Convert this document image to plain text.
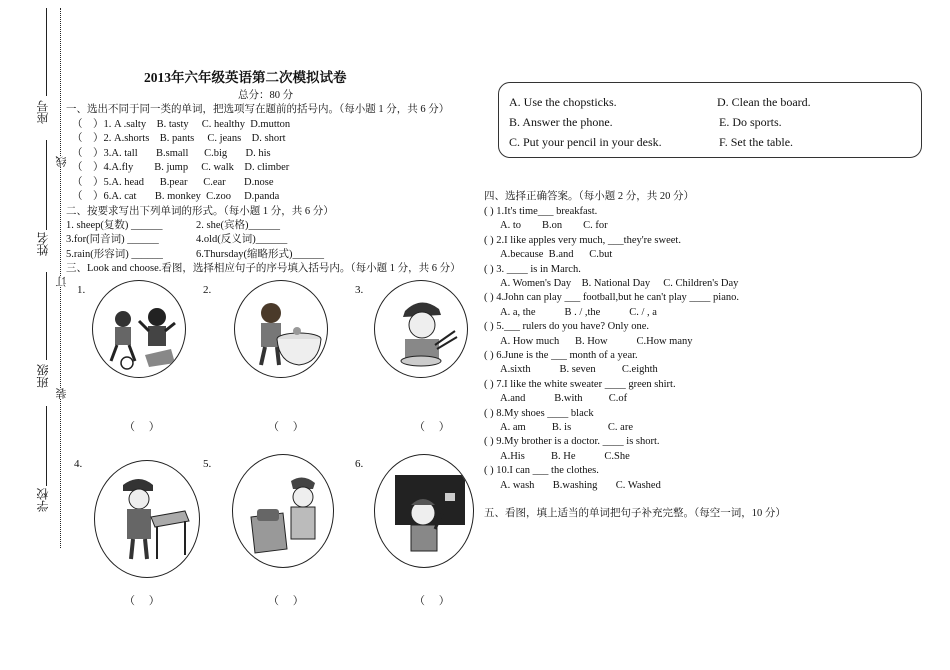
座号
姓名
班级
学校
线
订
装
2013年六年级英语第二次模拟试卷
总分：80 分
一、选出不同于同一类的单词，把选项写在题前的括号内。（每小题 1 分，共 6 分）
（    ）1. A .salty    B. tasty     C. healthy  D.mutton
（    ）2. A.shorts    B. pants     C. jeans    D. short
（    ）3.A. tall       B.small      C.big       D. his
（    ）4.A.fly        B. jump     C. walk    D. climber
（    ）5.A. head      B.pear      C.ear       D.nose
（    ）6.A. cat       B. monkey  C.zoo     D.panda
二、按要求写出下列单词的形式。（每小题 1 分，共 6 分）
1. sheep(复数) ______	2. she(宾格)______
3.for(同音词) ______	4.old(反义词)______
5.rain(形容词) ______	6.Thursday(缩略形式)______
三、Look and choose.看图，选择相应句子的序号填入括号内。（每小题 1 分，共 6 分）
1.	2.	3.
4.	5.	6.
（     ）	（     ）	（     ）
（     ）	（     ）	（     ）
A. Use the chopsticks.	D. Clean the board.
B. Answer the phone.	E. Do sports.
C. Put your pencil in your desk.	F. Set the table.
四、选择正确答案。（每小题 2 分，共 20 分）
( ) 1.It's time___ breakfast.
A. to        B.on        C. for
( ) 2.I like apples very much, ___they're sweet.
A.because  B.and      C.but
( ) 3. ____ is in March.
A. Women's Day    B. National Day     C. Children's Day
( ) 4.John can play ___ football,but he can't play ____ piano.
A. a, the           B . / ,the           C. / , a
( ) 5.___ rulers do you have? Only one.
A. How much      B. How           C.How many
( ) 6.June is the ___ month of a year.
A.sixth           B. seven          C.eighth
( ) 7.I like the white sweater ____ green shirt.
A.and           B.with          C.of
( ) 8.My shoes ____ black
A. am          B. is              C. are
( ) 9.My brother is a doctor. ____ is short.
A.His          B. He           C.She
( ) 10.I can ___ the clothes.
A. wash       B.washing       C. Washed
五、看图，填上适当的单词把句子补充完整。（每空一词，10 分）
